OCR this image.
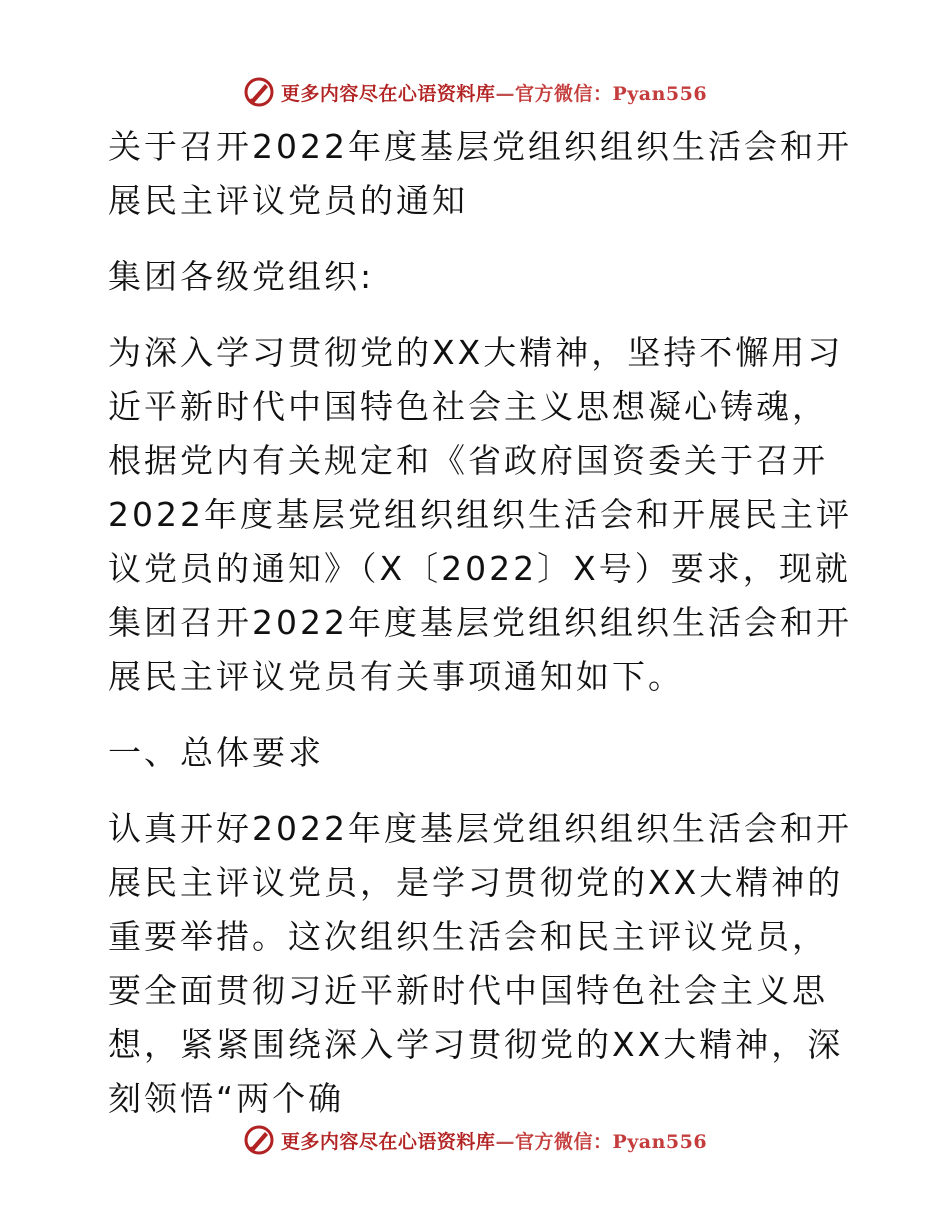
更多内容尽在心语资料库—官方微信：Pyan556

关于召开2022年度基层党组织组织生活会和开展民主评议党员的通知

集团各级党组织:

为深入学习贯彻党的XX大精神，坚持不懈用习近平新时代中国特色社会主义思想凝心铸魂，根据党内有关规定和《省政府国资委关于召开2022年度基层党组织组织生活会和开展民主评议党员的通知》（X〔2022〕X号）要求，现就集团召开2022年度基层党组织组织生活会和开展民主评议党员有关事项通知如下。

一、总体要求

认真开好2022年度基层党组织组织生活会和开展民主评议党员，是学习贯彻党的XX大精神的重要举措。这次组织生活会和民主评议党员，要全面贯彻习近平新时代中国特色社会主义思想，紧紧围绕深入学习贯彻党的XX大精神，深刻领悟“两个确

更多内容尽在心语资料库—官方微信：Pyan556
